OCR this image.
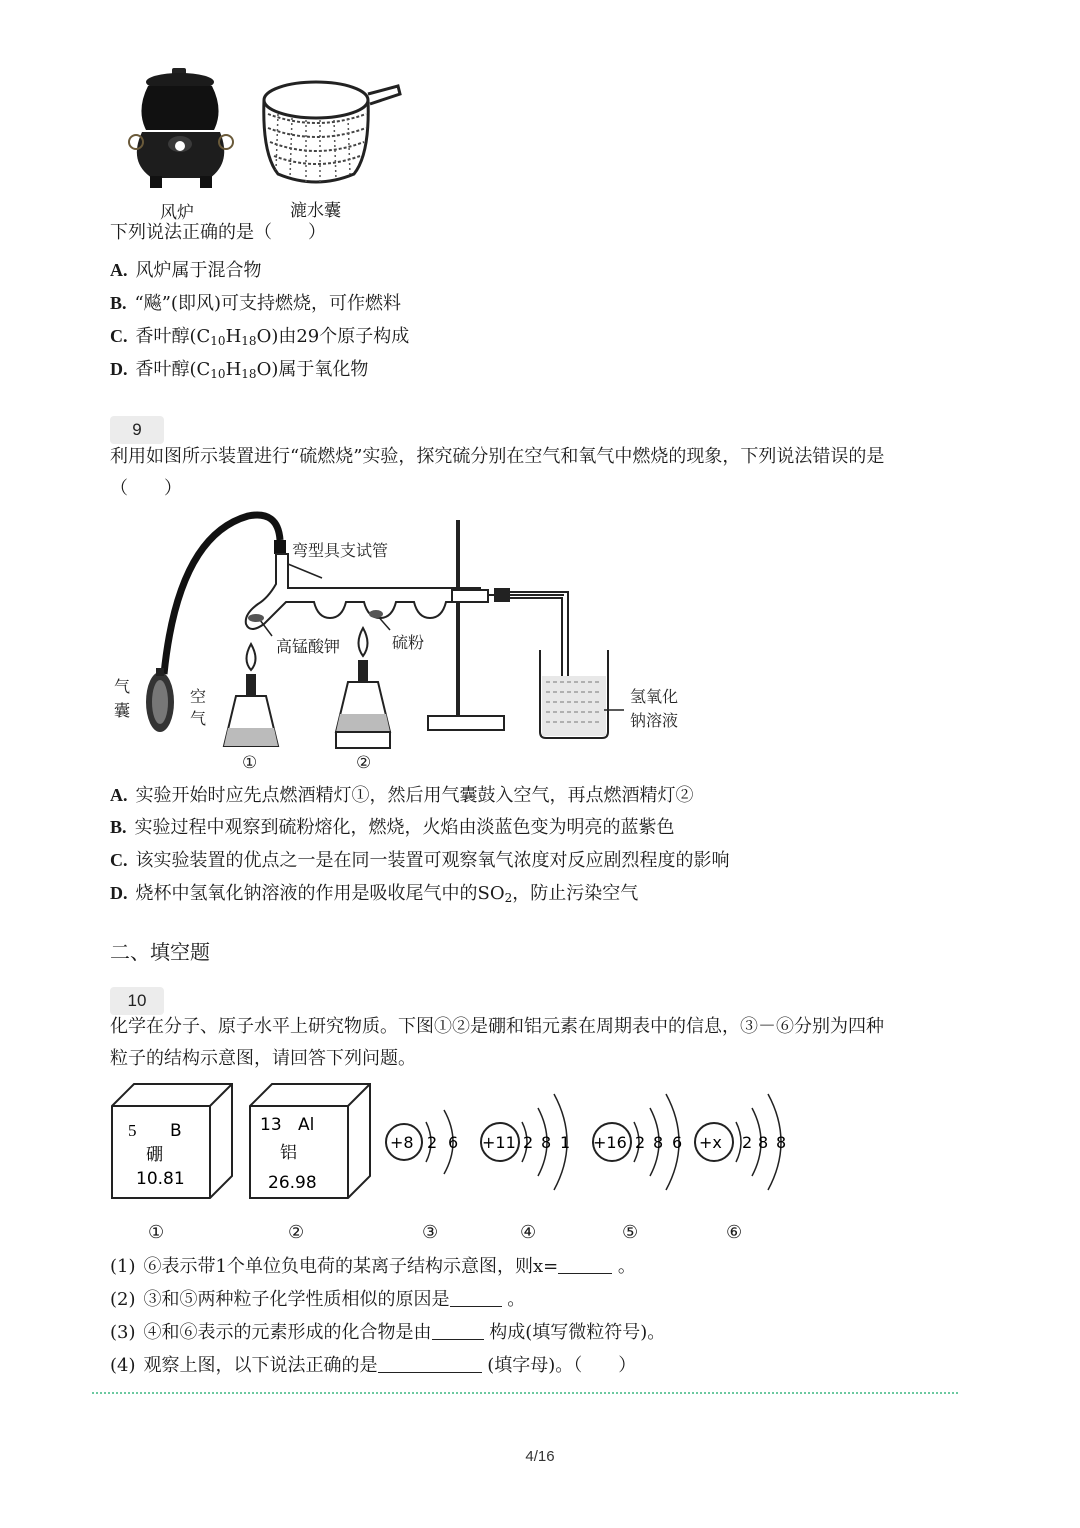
风炉	漉水囊
下列说法正确的是（　　）
A. 风炉属于混合物
B. “飚”(即风)可支持燃烧，可作燃料
C. 香叶醇$(C_{10}H_{18}O)$由29个原子构成
D. 香叶醇$(C_{10}H_{18}O)$属于氧化物
9
利用如图所示装置进行“硫燃烧”实验，探究硫分别在空气和氧气中燃烧的现象，下列说法错误的是
（　　）
弯型具支试管
高锰酸钾	硫粉
气
囊
空
气
氢氧化
钠溶液
①	②
A. 实验开始时应先点燃酒精灯①，然后用气囊鼓入空气，再点燃酒精灯②
B. 实验过程中观察到硫粉熔化，燃烧，火焰由淡蓝色变为明亮的蓝紫色
C. 该实验装置的优点之一是在同一装置可观察氧气浓度对反应剧烈程度的影响
D. 烧杯中氢氧化钠溶液的作用是吸收尾气中的$SO_2$，防止污染空气
二、填空题
10
化学在分子、原子水平上研究物质。下图①②是硼和铝元素在周期表中的信息，③－⑥分别为四种
粒子的结构示意图，请回答下列问题。
5 B
硼
10.81
13 Al
铝
26.98
+8 2 6 +11 2 8 1 +16 2 8 6 +x 2 8 8
①	②	③	④	⑤	⑥
(1) ⑥表示带1个单位负电荷的某离子结构示意图，则x=	。
(2) ③和⑤两种粒子化学性质相似的原因是	。
(3) ④和⑥表示的元素形成的化合物是由	构成(填写微粒符号)。
(4) 观察上图，以下说法正确的是	(填字母)。（　　）
4/16
